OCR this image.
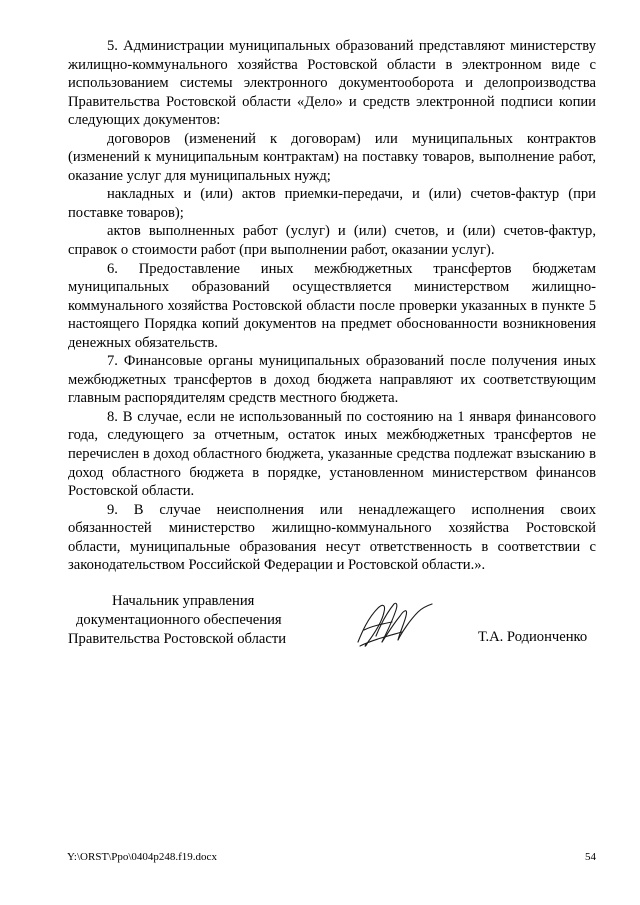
5. Администрации муниципальных образований представляют министерству жилищно-коммунального хозяйства Ростовской области в электронном виде с использованием системы электронного документооборота и делопроизводства Правительства Ростовской области «Дело» и средств электронной подписи копии следующих документов:

договоров (изменений к договорам) или муниципальных контрактов (изменений к муниципальным контрактам) на поставку товаров, выполнение работ, оказание услуг для муниципальных нужд;

накладных и (или) актов приемки-передачи, и (или) счетов-фактур (при поставке товаров);

актов выполненных работ (услуг) и (или) счетов, и (или) счетов-фактур, справок о стоимости работ (при выполнении работ, оказании услуг).

6. Предоставление иных межбюджетных трансфертов бюджетам муниципальных образований осуществляется министерством жилищно-коммунального хозяйства Ростовской области после проверки указанных в пункте 5 настоящего Порядка копий документов на предмет обоснованности возникновения денежных обязательств.

7. Финансовые органы муниципальных образований после получения иных межбюджетных трансфертов в доход бюджета направляют их соответствующим главным распорядителям средств местного бюджета.

8. В случае, если не использованный по состоянию на 1 января финансового года, следующего за отчетным, остаток иных межбюджетных трансфертов не перечислен в доход областного бюджета, указанные средства подлежат взысканию в доход областного бюджета в порядке, установленном министерством финансов Ростовской области.

9. В случае неисполнения или ненадлежащего исполнения своих обязанностей министерство жилищно-коммунального хозяйства Ростовской области, муниципальные образования несут ответственность в соответствии с законодательством Российской Федерации и Ростовской области.».

Начальник управления
документационного обеспечения
Правительства Ростовской области	Т.А. Родионченко
Y:\ORST\Ppo\0404p248.f19.docx	54
